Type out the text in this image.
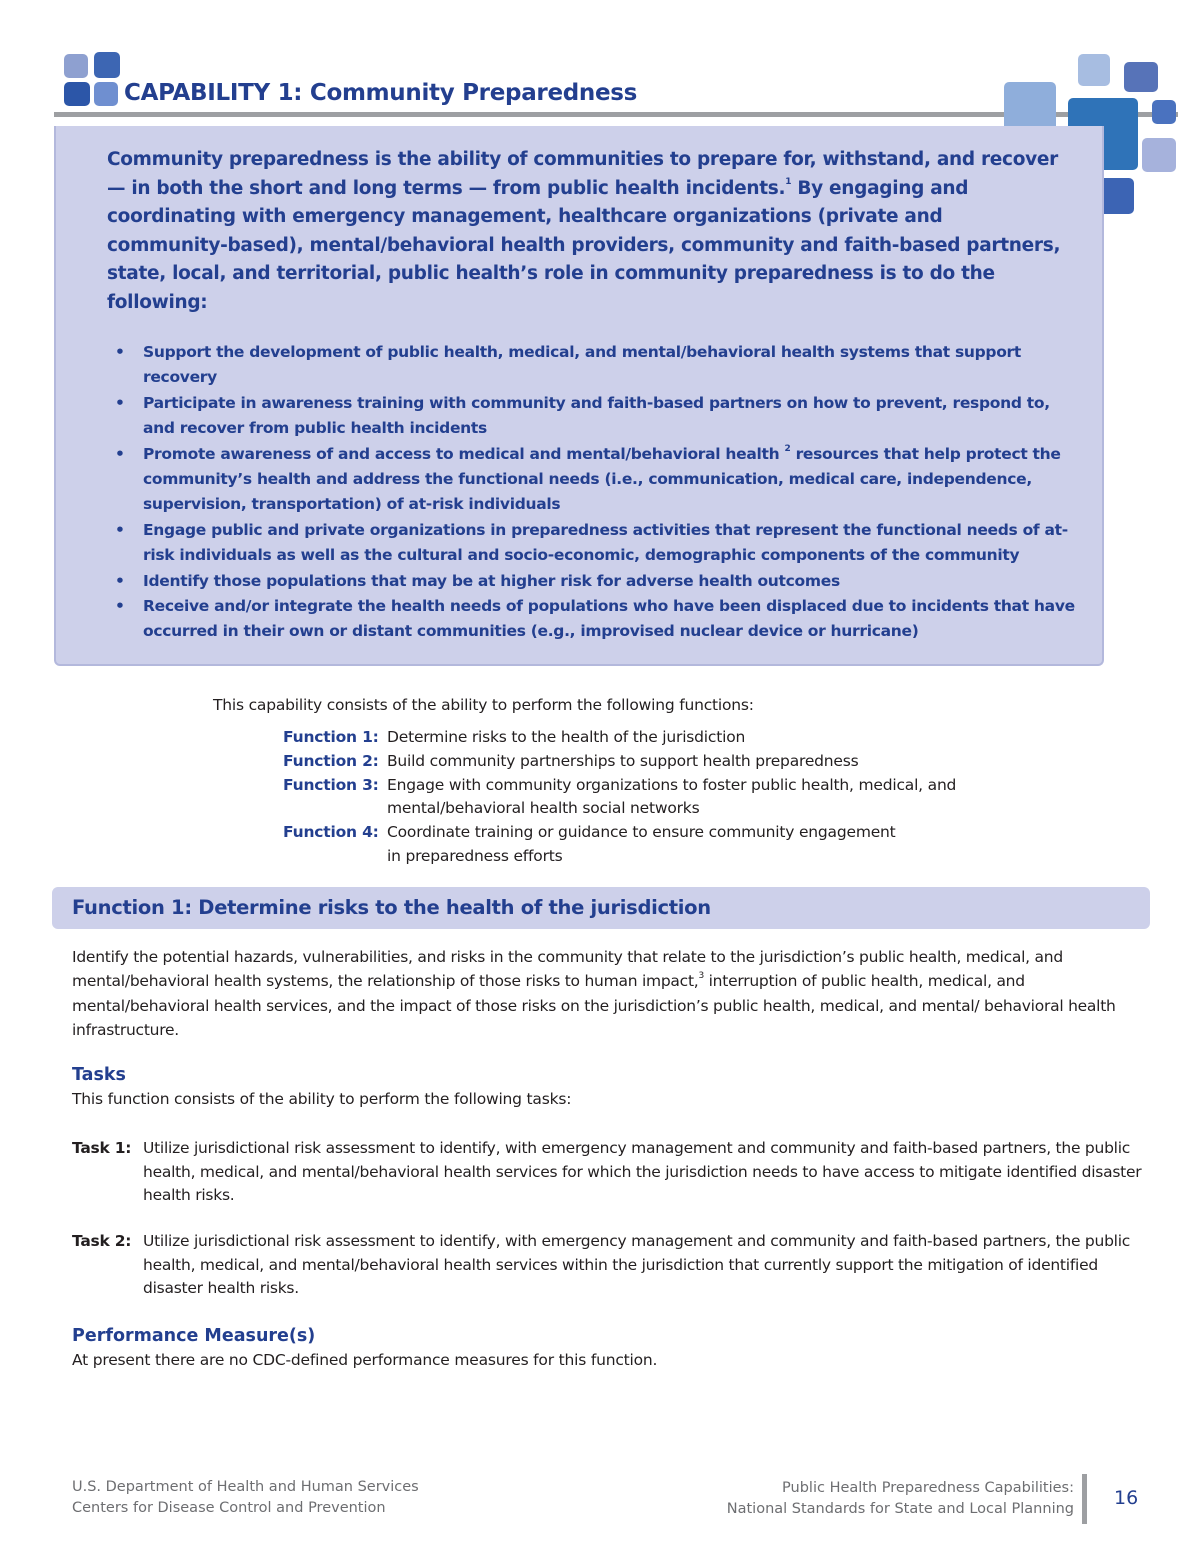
CAPABILITY 1: Community Preparedness
Community preparedness is the ability of communities to prepare for, withstand, and recover — in both the short and long terms — from public health incidents.$^1$ By engaging and coordinating with emergency management, healthcare organizations (private and community-based), mental/behavioral health providers, community and faith-based partners, state, local, and territorial, public health’s role in community preparedness is to do the following:
• Support the development of public health, medical, and mental/behavioral health systems that support recovery
• Participate in awareness training with community and faith-based partners on how to prevent, respond to, and recover from public health incidents
• Promote awareness of and access to medical and mental/behavioral health $^2$ resources that help protect the community’s health and address the functional needs (i.e., communication, medical care, independence, supervision, transportation) of at-risk individuals
• Engage public and private organizations in preparedness activities that represent the functional needs of at-risk individuals as well as the cultural and socio-economic, demographic components of the community
• Identify those populations that may be at higher risk for adverse health outcomes
• Receive and/or integrate the health needs of populations who have been displaced due to incidents that have occurred in their own or distant communities (e.g., improvised nuclear device or hurricane)
This capability consists of the ability to perform the following functions:
Function 1: Determine risks to the health of the jurisdiction
Function 2: Build community partnerships to support health preparedness
Function 3: Engage with community organizations to foster public health, medical, and
mental/behavioral health social networks
Function 4: Coordinate training or guidance to ensure community engagement
in preparedness efforts
Function 1: Determine risks to the health of the jurisdiction
Identify the potential hazards, vulnerabilities, and risks in the community that relate to the jurisdiction’s public health, medical, and mental/behavioral health systems, the relationship of those risks to human impact,$^3$ interruption of public health, medical, and mental/behavioral health services, and the impact of those risks on the jurisdiction’s public health, medical, and mental/ behavioral health infrastructure.
Tasks
This function consists of the ability to perform the following tasks:
Task 1: Utilize jurisdictional risk assessment to identify, with emergency management and community and faith-based partners, the public health, medical, and mental/behavioral health services for which the jurisdiction needs to have access to mitigate identified disaster health risks.
Task 2: Utilize jurisdictional risk assessment to identify, with emergency management and community and faith-based partners, the public health, medical, and mental/behavioral health services within the jurisdiction that currently support the mitigation of identified disaster health risks.
Performance Measure(s)
At present there are no CDC-defined performance measures for this function.
U.S. Department of Health and Human Services
Centers for Disease Control and Prevention
Public Health Preparedness Capabilities:
National Standards for State and Local Planning 16
